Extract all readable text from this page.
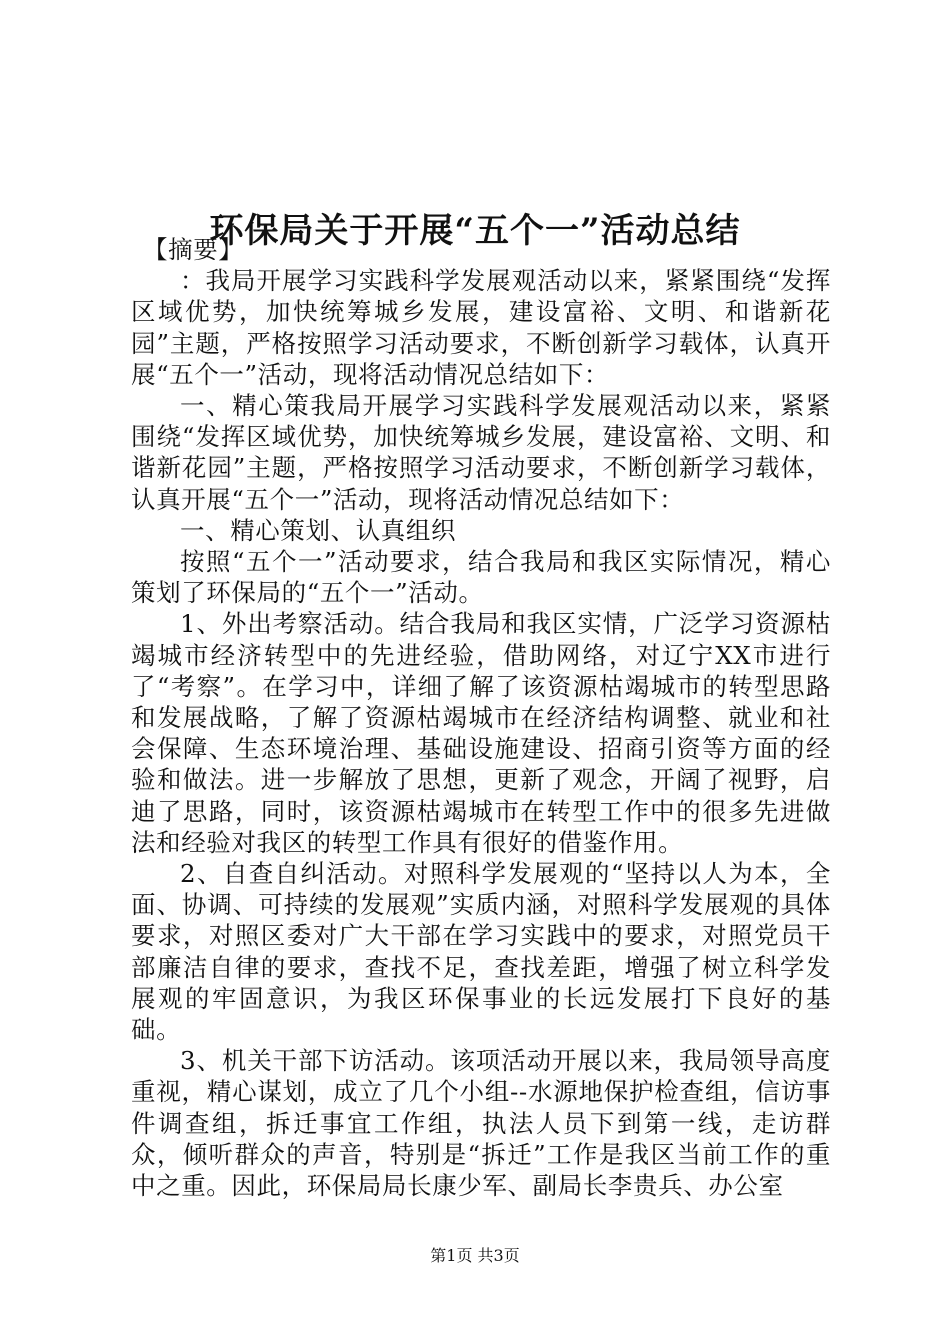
环保局关于开展“五个一”活动总结

【摘要】

：我局开展学习实践科学发展观活动以来，紧紧围绕“发挥区域优势，加快统筹城乡发展，建设富裕、文明、和谐新花园”主题，严格按照学习活动要求，不断创新学习载体，认真开展“五个一”活动，现将活动情况总结如下：

一、精心策我局开展学习实践科学发展观活动以来，紧紧围绕“发挥区域优势，加快统筹城乡发展，建设富裕、文明、和谐新花园”主题，严格按照学习活动要求，不断创新学习载体，认真开展“五个一”活动，现将活动情况总结如下：

一、精心策划、认真组织

按照“五个一”活动要求，结合我局和我区实际情况，精心策划了环保局的“五个一”活动。

1、外出考察活动。结合我局和我区实情，广泛学习资源枯竭城市经济转型中的先进经验，借助网络，对辽宁XX市进行了“考察”。在学习中，详细了解了该资源枯竭城市的转型思路和发展战略，了解了资源枯竭城市在经济结构调整、就业和社会保障、生态环境治理、基础设施建设、招商引资等方面的经验和做法。进一步解放了思想，更新了观念，开阔了视野，启迪了思路，同时，该资源枯竭城市在转型工作中的很多先进做法和经验对我区的转型工作具有很好的借鉴作用。

2、自查自纠活动。对照科学发展观的“坚持以人为本，全面、协调、可持续的发展观”实质内涵，对照科学发展观的具体要求，对照区委对广大干部在学习实践中的要求，对照党员干部廉洁自律的要求，查找不足，查找差距，增强了树立科学发展观的牢固意识，为我区环保事业的长远发展打下良好的基础。

3、机关干部下访活动。该项活动开展以来，我局领导高度重视，精心谋划，成立了几个小组--水源地保护检查组，信访事件调查组，拆迁事宜工作组，执法人员下到第一线，走访群众，倾听群众的声音，特别是“拆迁”工作是我区当前工作的重中之重。因此，环保局局长康少军、副局长李贵兵、办公室

第1页 共3页
